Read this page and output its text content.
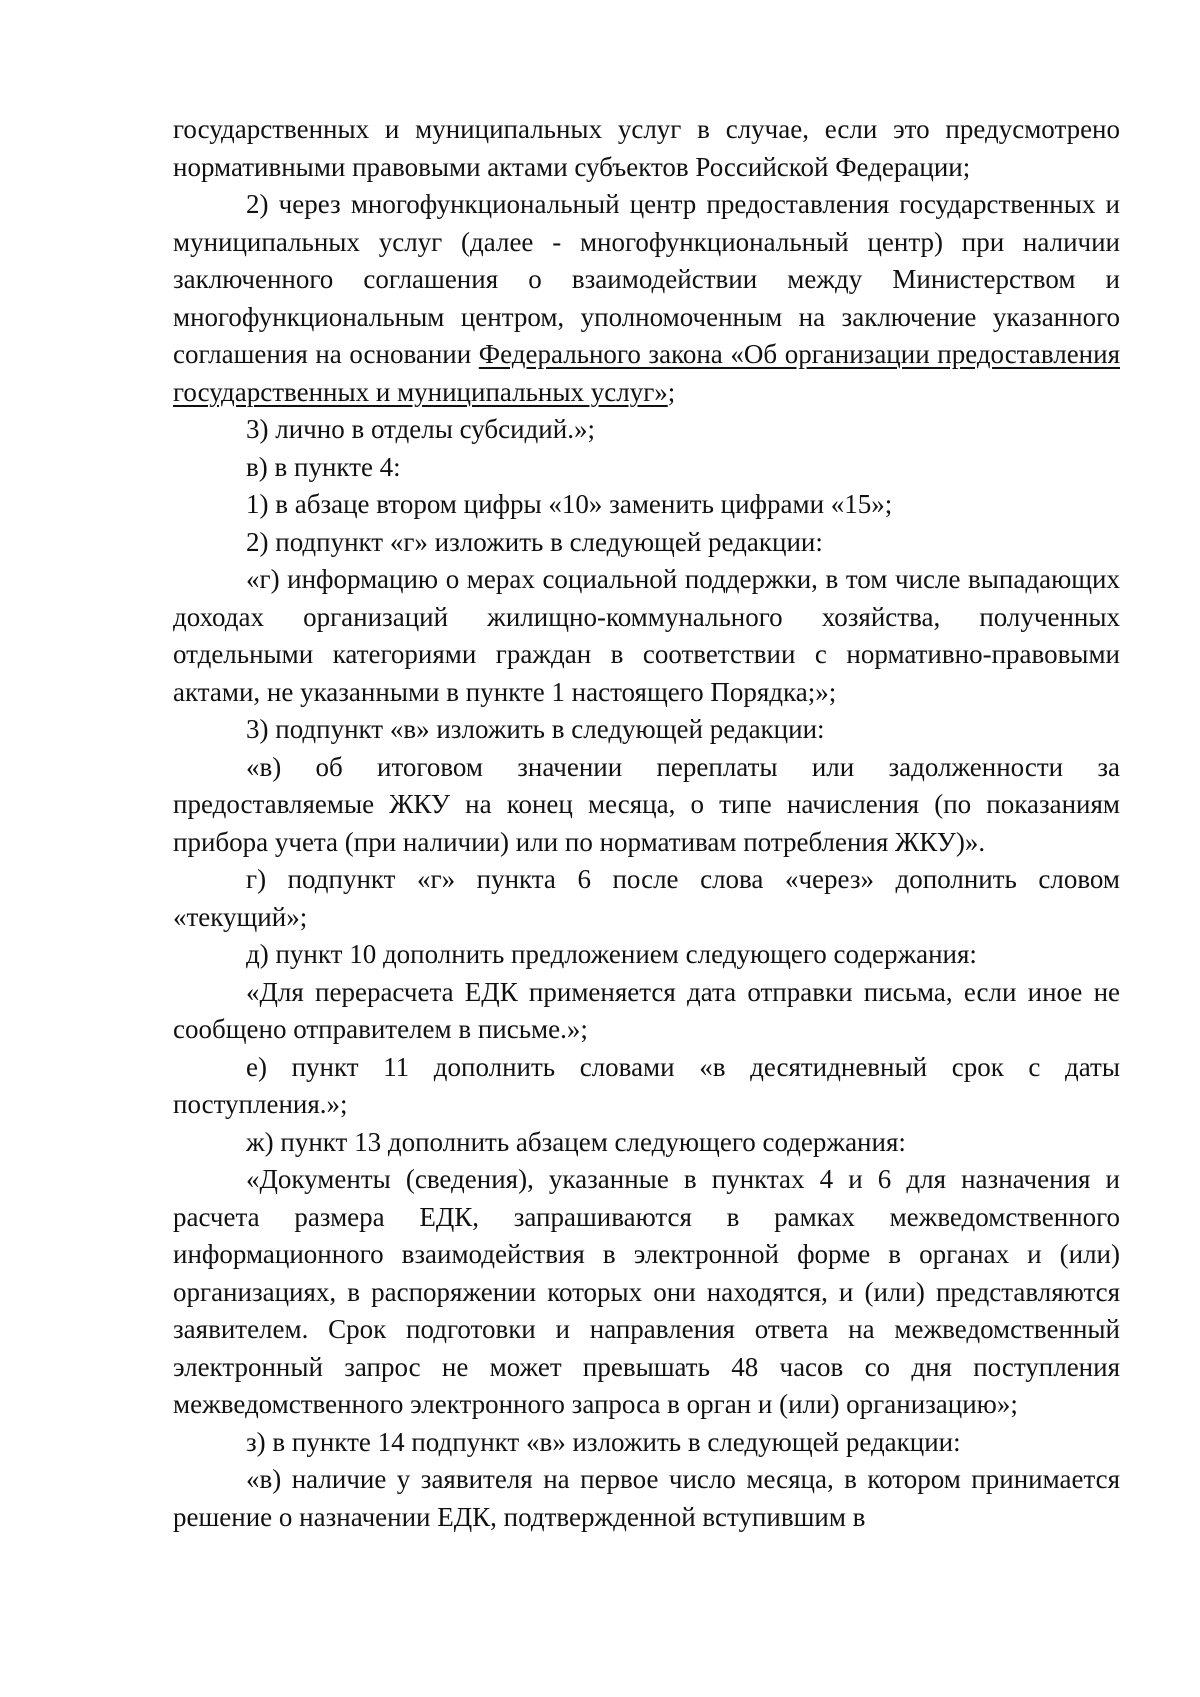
государственных и муниципальных услуг в случае, если это предусмотрено нормативными правовыми актами субъектов Российской Федерации;

2) через многофункциональный центр предоставления государственных и муниципальных услуг (далее - многофункциональный центр) при наличии заключенного соглашения о взаимодействии между Министерством и многофункциональным центром, уполномоченным на заключение указанного соглашения на основании Федерального закона «Об организации предоставления государственных и муниципальных услуг»;

3) лично в отделы субсидий.»;

в) в пункте 4:

1) в абзаце втором цифры «10» заменить цифрами «15»;

2) подпункт «г» изложить в следующей редакции:

«г) информацию о мерах социальной поддержки, в том числе выпадающих доходах организаций жилищно-коммунального хозяйства, полученных отдельными категориями граждан в соответствии с нормативно-правовыми актами, не указанными в пункте 1 настоящего Порядка;»;

3) подпункт «в» изложить в следующей редакции:

«в) об итоговом значении переплаты или задолженности за предоставляемые ЖКУ на конец месяца, о типе начисления (по показаниям прибора учета (при наличии) или по нормативам потребления ЖКУ)».

г) подпункт «г» пункта 6 после слова «через» дополнить словом «текущий»;

д) пункт 10 дополнить предложением следующего содержания:

«Для перерасчета ЕДК применяется дата отправки письма, если иное не сообщено отправителем в письме.»;

е) пункт 11 дополнить словами «в десятидневный срок с даты поступления.»;

ж) пункт 13 дополнить абзацем следующего содержания:

«Документы (сведения), указанные в пунктах 4 и 6 для назначения и расчета размера ЕДК, запрашиваются в рамках межведомственного информационного взаимодействия в электронной форме в органах и (или) организациях, в распоряжении которых они находятся, и (или) представляются заявителем. Срок подготовки и направления ответа на межведомственный электронный запрос не может превышать 48 часов со дня поступления межведомственного электронного запроса в орган и (или) организацию»;

з) в пункте 14 подпункт «в» изложить в следующей редакции:

«в) наличие у заявителя на первое число месяца, в котором принимается решение о назначении ЕДК, подтвержденной вступившим в
